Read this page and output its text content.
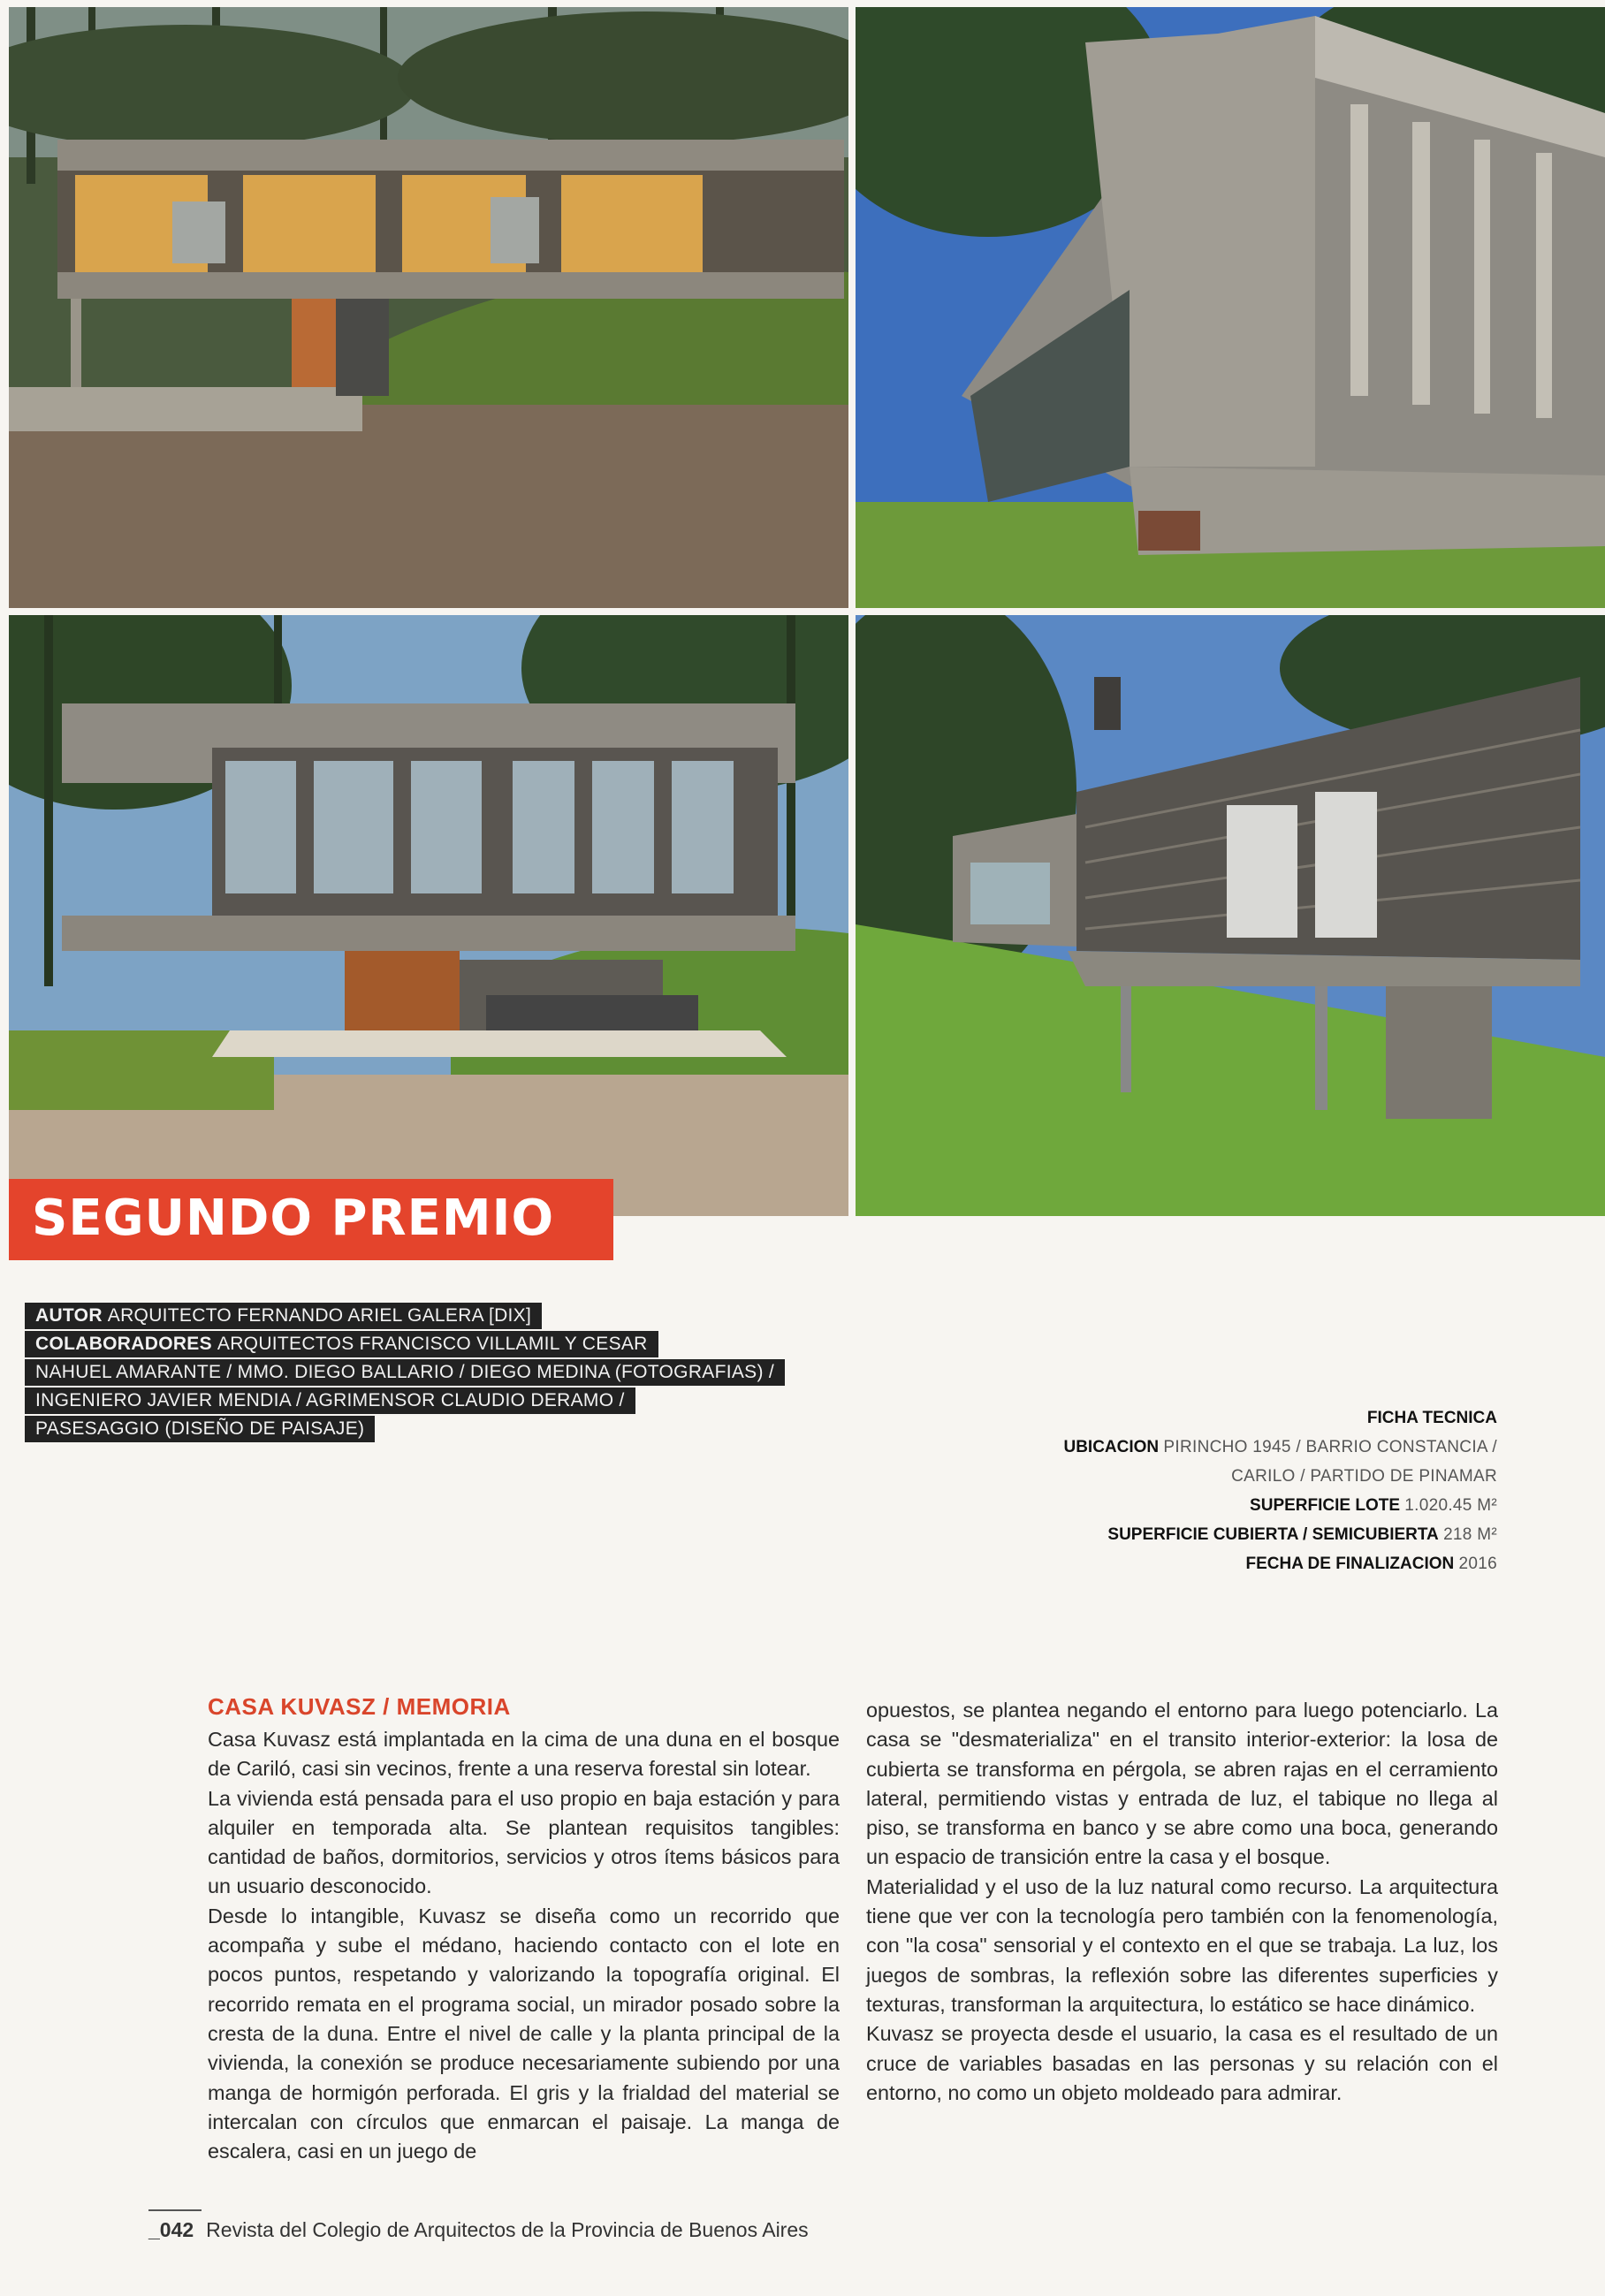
SEGUNDO PREMIO
AUTOR ARQUITECTO FERNANDO ARIEL GALERA [DIX]
COLABORADORES ARQUITECTOS FRANCISCO VILLAMIL Y CESAR
NAHUEL AMARANTE / MMO. DIEGO BALLARIO / DIEGO MEDINA (FOTOGRAFIAS) /
INGENIERO JAVIER MENDIA / AGRIMENSOR CLAUDIO DERAMO /
PASESAGGIO (DISEÑO DE PAISAJE)
FICHA TECNICA
UBICACION PIRINCHO 1945 / BARRIO CONSTANCIA /
CARILO / PARTIDO DE PINAMAR
SUPERFICIE LOTE 1.020.45 M²
SUPERFICIE CUBIERTA / SEMICUBIERTA 218 M²
FECHA DE FINALIZACION 2016
CASA KUVASZ / MEMORIA

Casa Kuvasz está implantada en la cima de una duna en el bosque de Cariló, casi sin vecinos, frente a una reserva forestal sin lotear.

La vivienda está pensada para el uso propio en baja estación y para alquiler en temporada alta. Se plantean requisitos tangibles: cantidad de baños, dormitorios, servicios y otros ítems básicos para un usuario desconocido.

Desde lo intangible, Kuvasz se diseña como un recorrido que acompaña y sube el médano, haciendo contacto con el lote en pocos puntos, respetando y valorizando la topografía original. El recorrido remata en el programa social, un mirador posado sobre la cresta de la duna. Entre el nivel de calle y la planta principal de la vivienda, la conexión se produce necesariamente subiendo por una manga de hormigón perforada. El gris y la frialdad del material se intercalan con círculos que enmarcan el paisaje. La manga de escalera, casi en un juego de

opuestos, se plantea negando el entorno para luego potenciarlo. La casa se "desmaterializa" en el transito interior-exterior: la losa de cubierta se transforma en pérgola, se abren rajas en el cerramiento lateral, permitiendo vistas y entrada de luz, el tabique no llega al piso, se transforma en banco y se abre como una boca, generando un espacio de transición entre la casa y el bosque.

Materialidad y el uso de la luz natural como recurso. La arquitectura tiene que ver con la tecnología pero también con la fenomenología, con "la cosa" sensorial y el contexto en el que se trabaja. La luz, los juegos de sombras, la reflexión sobre las diferentes superficies y texturas, transforman la arquitectura, lo estático se hace dinámico.

Kuvasz se proyecta desde el usuario, la casa es el resultado de un cruce de variables basadas en las personas y su relación con el entorno, no como un objeto moldeado para admirar.

_042 Revista del Colegio de Arquitectos de la Provincia de Buenos Aires
